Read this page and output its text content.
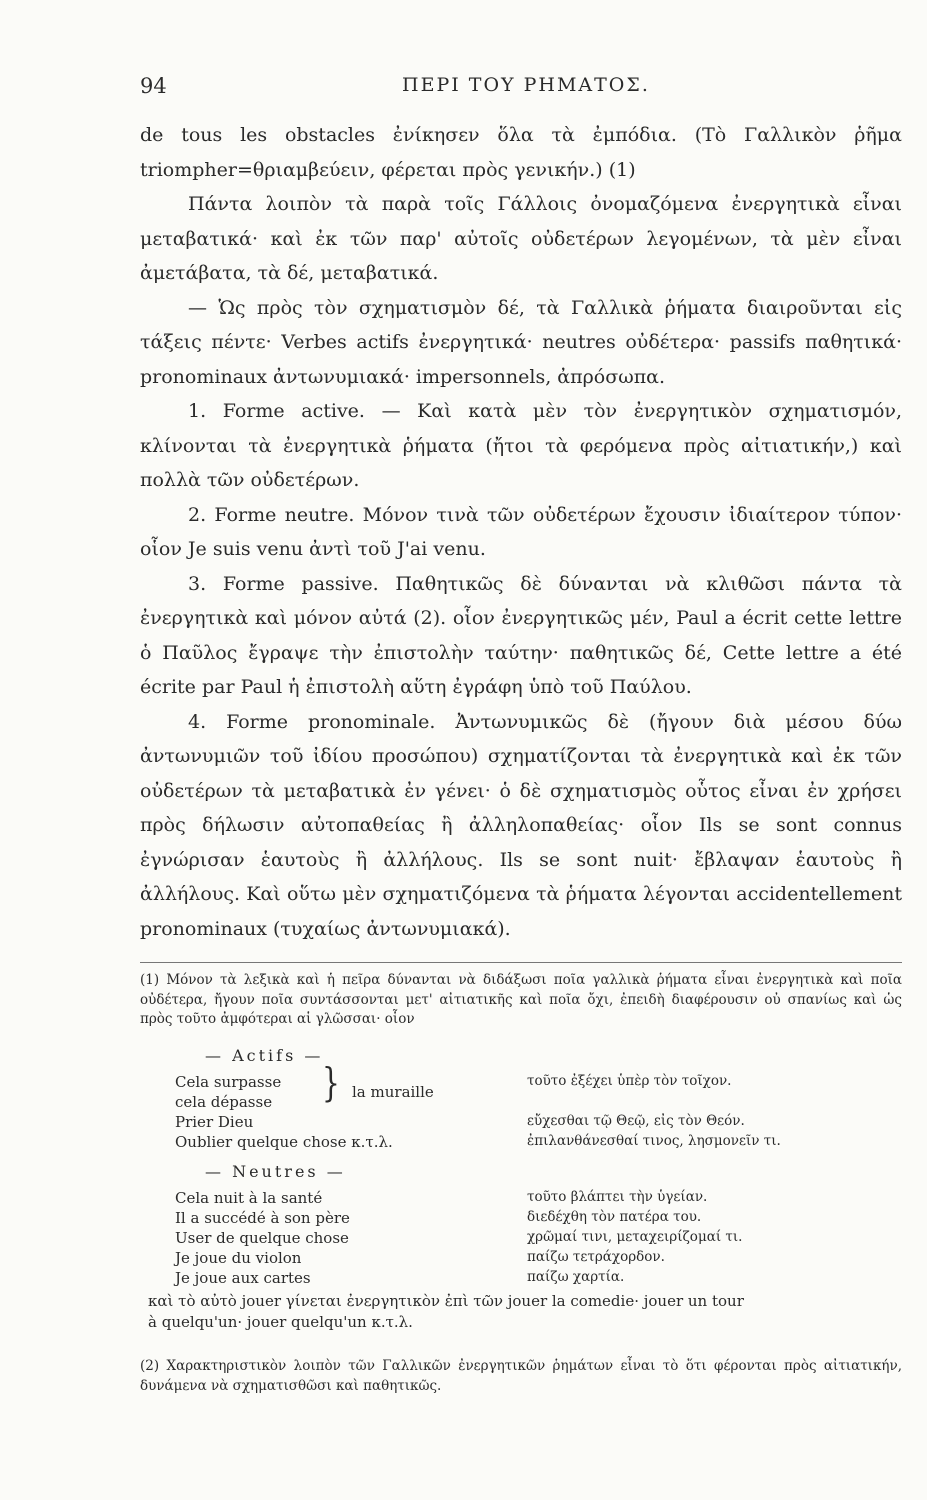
94	ΠΕΡΙ ΤΟΥ ΡΗΜΑΤΟΣ.

de tous les obstacles ἐνίκησεν ὅλα τὰ ἐμπόδια. (Τὸ Γαλλικὸν ῥῆμα triompher=θριαμβεύειν, φέρεται πρὸς γενικήν.) (1)

Πάντα λοιπὸν τὰ παρὰ τοῖς Γάλλοις ὀνομαζόμενα ἐνεργητικὰ εἶναι μεταβατικά· καὶ ἐκ τῶν παρ' αὐτοῖς οὐδετέρων λεγομένων, τὰ μὲν εἶναι ἀμετάβατα, τὰ δέ, μεταβατικά.

— Ὡς πρὸς τὸν σχηματισμὸν δέ, τὰ Γαλλικὰ ῥήματα διαιροῦνται εἰς τάξεις πέντε· Verbes actifs ἐνεργητικά· neutres οὐδέτερα· passifs παθητικά· pronominaux ἀντωνυμιακά· impersonnels, ἀπρόσωπα.

1. Forme active. — Καὶ κατὰ μὲν τὸν ἐνεργητικὸν σχηματισμόν, κλίνονται τὰ ἐνεργητικὰ ῥήματα (ἤτοι τὰ φερόμενα πρὸς αἰτιατικήν,) καὶ πολλὰ τῶν οὐδετέρων.

2. Forme neutre. Μόνον τινὰ τῶν οὐδετέρων ἔχουσιν ἰδιαίτερον τύπον· οἷον Je suis venu ἀντὶ τοῦ J'ai venu.

3. Forme passive. Παθητικῶς δὲ δύνανται νὰ κλιθῶσι πάντα τὰ ἐνεργητικὰ καὶ μόνον αὐτά (2). οἷον ἐνεργητικῶς μέν, Paul a écrit cette lettre ὁ Παῦλος ἔγραψε τὴν ἐπιστολὴν ταύτην· παθητικῶς δέ, Cette lettre a été écrite par Paul ἡ ἐπιστολὴ αὕτη ἐγράφη ὑπὸ τοῦ Παύλου.

4. Forme pronominale. Ἀντωνυμικῶς δὲ (ἤγουν διὰ μέσου δύω ἀντωνυμιῶν τοῦ ἰδίου προσώπου) σχηματίζονται τὰ ἐνεργητικὰ καὶ ἐκ τῶν οὐδετέρων τὰ μεταβατικὰ ἐν γένει· ὁ δὲ σχηματισμὸς οὗτος εἶναι ἐν χρήσει πρὸς δήλωσιν αὐτοπαθείας ἢ ἀλληλοπαθείας· οἷον Ils se sont connus ἐγνώρισαν ἑαυτοὺς ἢ ἀλλήλους. Ils se sont nuit· ἔβλαψαν ἑαυτοὺς ἢ ἀλλήλους. Καὶ οὕτω μὲν σχηματιζόμενα τὰ ῥήματα λέγονται accidentellement pronominaux (τυχαίως ἀντωνυμιακά).

(1) Μόνον τὰ λεξικὰ καὶ ἡ πεῖρα δύνανται νὰ διδάξωσι ποῖα γαλλικὰ ῥήματα εἶναι ἐνεργητικὰ καὶ ποῖα οὐδέτερα, ἤγουν ποῖα συντάσσονται μετ' αἰτιατικῆς καὶ ποῖα ὄχι, ἐπειδὴ διαφέρουσιν οὐ σπανίως καὶ ὡς πρὸς τοῦτο ἀμφότεραι αἱ γλῶσσαι· οἷον

— Actifs —
Cela surpasse	τοῦτο ἐξέχει ὑπὲρ τὸν τοῖχον.
cela dépasse } la muraille
Prier Dieu	εὔχεσθαι τῷ Θεῷ, εἰς τὸν Θεόν.
Oublier quelque chose κ.τ.λ.	ἐπιλανθάνεσθαί τινος, λησμονεῖν τι.
— Neutres —
Cela nuit à la santé	τοῦτο βλάπτει τὴν ὑγείαν.
Il a succédé à son père	διεδέχθη τὸν πατέρα του.
User de quelque chose	χρῶμαί τινι, μεταχειρίζομαί τι.
Je joue du violon	παίζω τετράχορδον.
Je joue aux cartes	παίζω χαρτία.
καὶ τὸ αὐτὸ jouer γίνεται ἐνεργητικὸν ἐπὶ τῶν jouer la comedie· jouer un tour
à quelqu'un· jouer quelqu'un κ.τ.λ.

(2) Χαρακτηριστικὸν λοιπὸν τῶν Γαλλικῶν ἐνεργητικῶν ῥημάτων εἶναι τὸ ὅτι φέρονται πρὸς αἰτιατικήν, δυνάμενα νὰ σχηματισθῶσι καὶ παθητικῶς.
